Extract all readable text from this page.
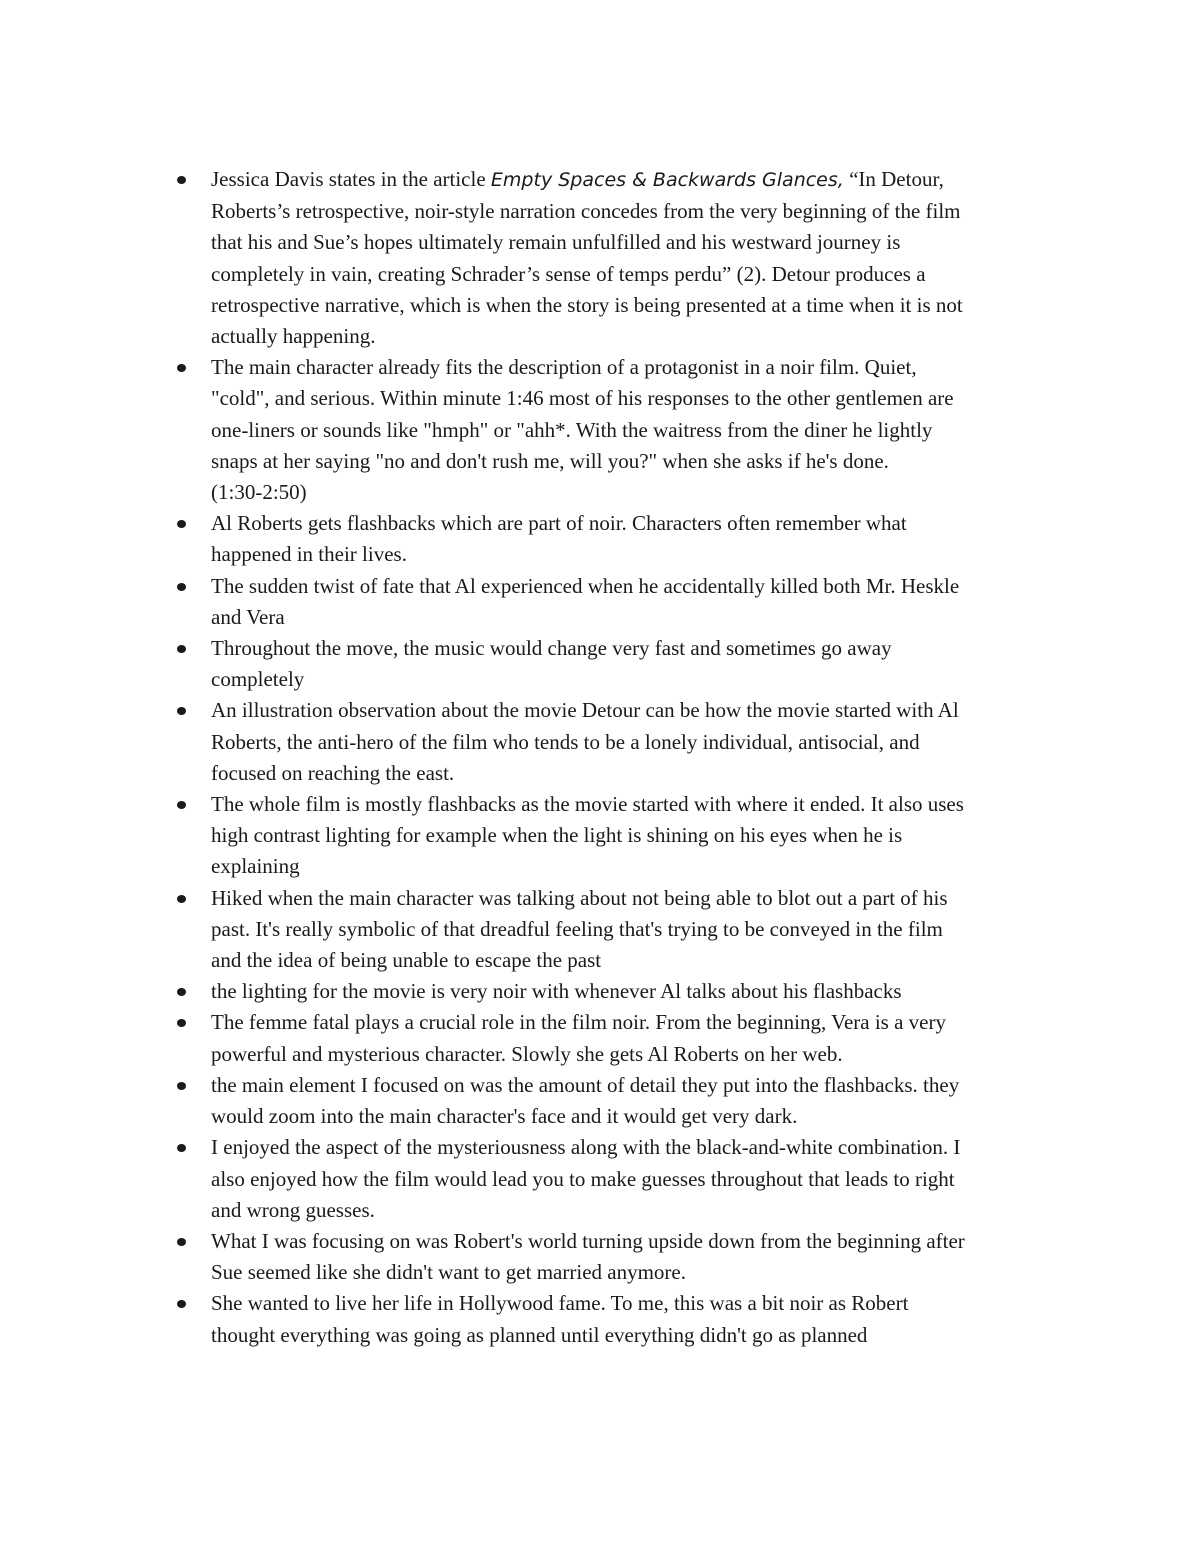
Jessica Davis states in the article Empty Spaces & Backwards Glances, “In Detour,
Roberts’s retrospective, noir-style narration concedes from the very beginning of the film
that his and Sue’s hopes ultimately remain unfulfilled and his westward journey is
completely in vain, creating Schrader’s sense of temps perdu” (2). Detour produces a
retrospective narrative, which is when the story is being presented at a time when it is not
actually happening.
The main character already fits the description of a protagonist in a noir film. Quiet,
"cold", and serious. Within minute 1:46 most of his responses to the other gentlemen are
one-liners or sounds like "hmph" or "ahh*. With the waitress from the diner he lightly
snaps at her saying "no and don't rush me, will you?" when she asks if he's done.
(1:30-2:50)
Al Roberts gets flashbacks which are part of noir. Characters often remember what
happened in their lives.
The sudden twist of fate that Al experienced when he accidentally killed both Mr. Heskle
and Vera
Throughout the move, the music would change very fast and sometimes go away
completely
An illustration observation about the movie Detour can be how the movie started with Al
Roberts, the anti-hero of the film who tends to be a lonely individual, antisocial, and
focused on reaching the east.
The whole film is mostly flashbacks as the movie started with where it ended. It also uses
high contrast lighting for example when the light is shining on his eyes when he is
explaining
Hiked when the main character was talking about not being able to blot out a part of his
past. It's really symbolic of that dreadful feeling that's trying to be conveyed in the film
and the idea of being unable to escape the past
the lighting for the movie is very noir with whenever Al talks about his flashbacks
The femme fatal plays a crucial role in the film noir. From the beginning, Vera is a very
powerful and mysterious character. Slowly she gets Al Roberts on her web.
the main element I focused on was the amount of detail they put into the flashbacks. they
would zoom into the main character's face and it would get very dark.
I enjoyed the aspect of the mysteriousness along with the black-and-white combination. I
also enjoyed how the film would lead you to make guesses throughout that leads to right
and wrong guesses.
What I was focusing on was Robert's world turning upside down from the beginning after
Sue seemed like she didn't want to get married anymore.
She wanted to live her life in Hollywood fame. To me, this was a bit noir as Robert
thought everything was going as planned until everything didn't go as planned
